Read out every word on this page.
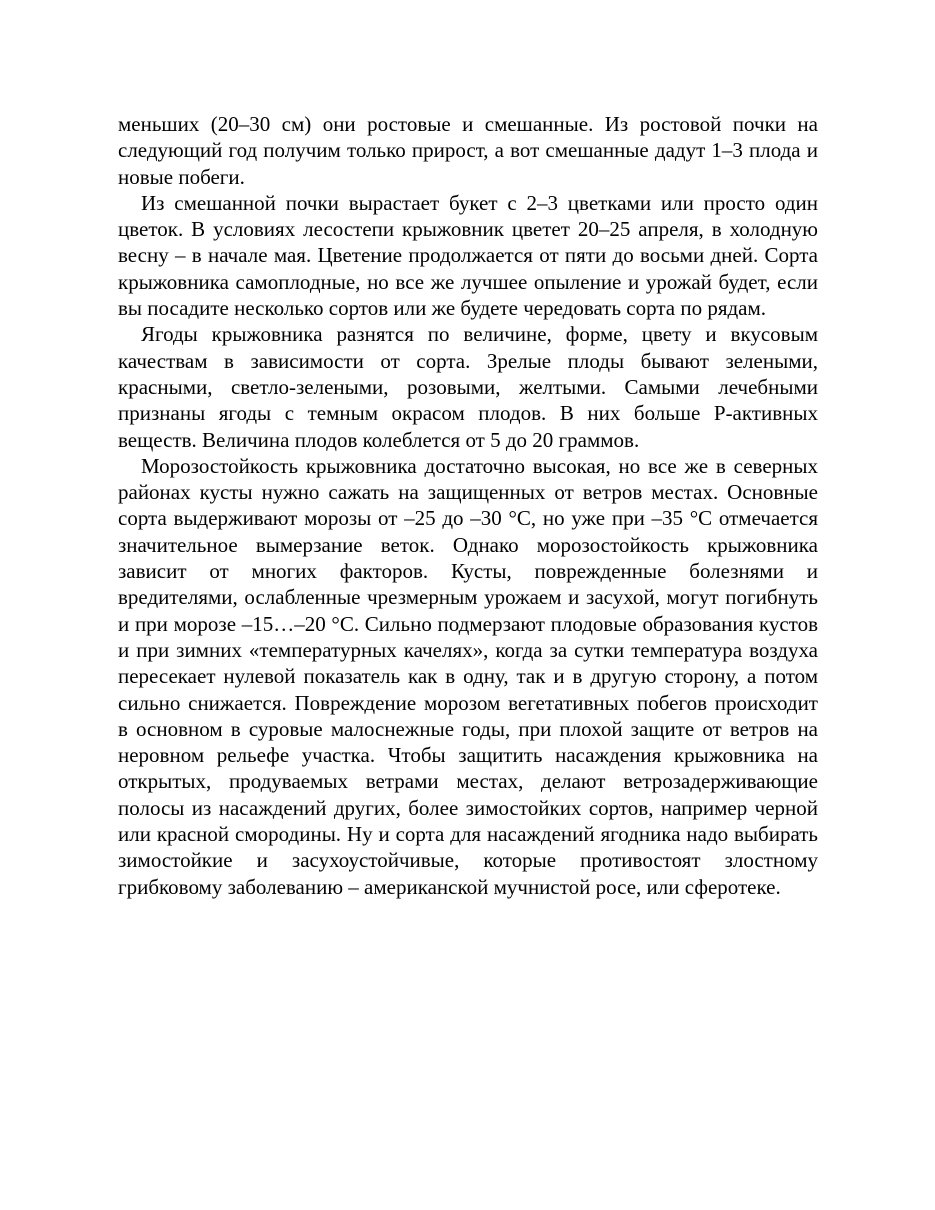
меньших (20–30 см) они ростовые и смешанные. Из ростовой почки на следующий год получим только прирост, а вот смешанные дадут 1–3 плода и новые побеги.

Из смешанной почки вырастает букет с 2–3 цветками или просто один цветок. В условиях лесостепи крыжовник цветет 20–25 апреля, в холодную весну – в начале мая. Цветение продолжается от пяти до восьми дней. Сорта крыжовника самоплодные, но все же лучшее опыление и урожай будет, если вы посадите несколько сортов или же будете чередовать сорта по рядам.

Ягоды крыжовника разнятся по величине, форме, цвету и вкусовым качествам в зависимости от сорта. Зрелые плоды бывают зелеными, красными, светло-зелеными, розовыми, желтыми. Самыми лечебными признаны ягоды с темным окрасом плодов. В них больше Р-активных веществ. Величина плодов колеблется от 5 до 20 граммов.

Морозостойкость крыжовника достаточно высокая, но все же в северных районах кусты нужно сажать на защищенных от ветров местах. Основные сорта выдерживают морозы от –25 до –30 °С, но уже при –35 °С отмечается значительное вымерзание веток. Однако морозостойкость крыжовника зависит от многих факторов. Кусты, поврежденные болезнями и вредителями, ослабленные чрезмерным урожаем и засухой, могут погибнуть и при морозе –15…–20 °С. Сильно подмерзают плодовые образования кустов и при зимних «температурных качелях», когда за сутки температура воздуха пересекает нулевой показатель как в одну, так и в другую сторону, а потом сильно снижается. Повреждение морозом вегетативных побегов происходит в основном в суровые малоснежные годы, при плохой защите от ветров на неровном рельефе участка. Чтобы защитить насаждения крыжовника на открытых, продуваемых ветрами местах, делают ветрозадерживающие полосы из насаждений других, более зимостойких сортов, например черной или красной смородины. Ну и сорта для насаждений ягодника надо выбирать зимостойкие и засухоустойчивые, которые противостоят злостному грибковому заболеванию – американской мучнистой росе, или сферотеке.
